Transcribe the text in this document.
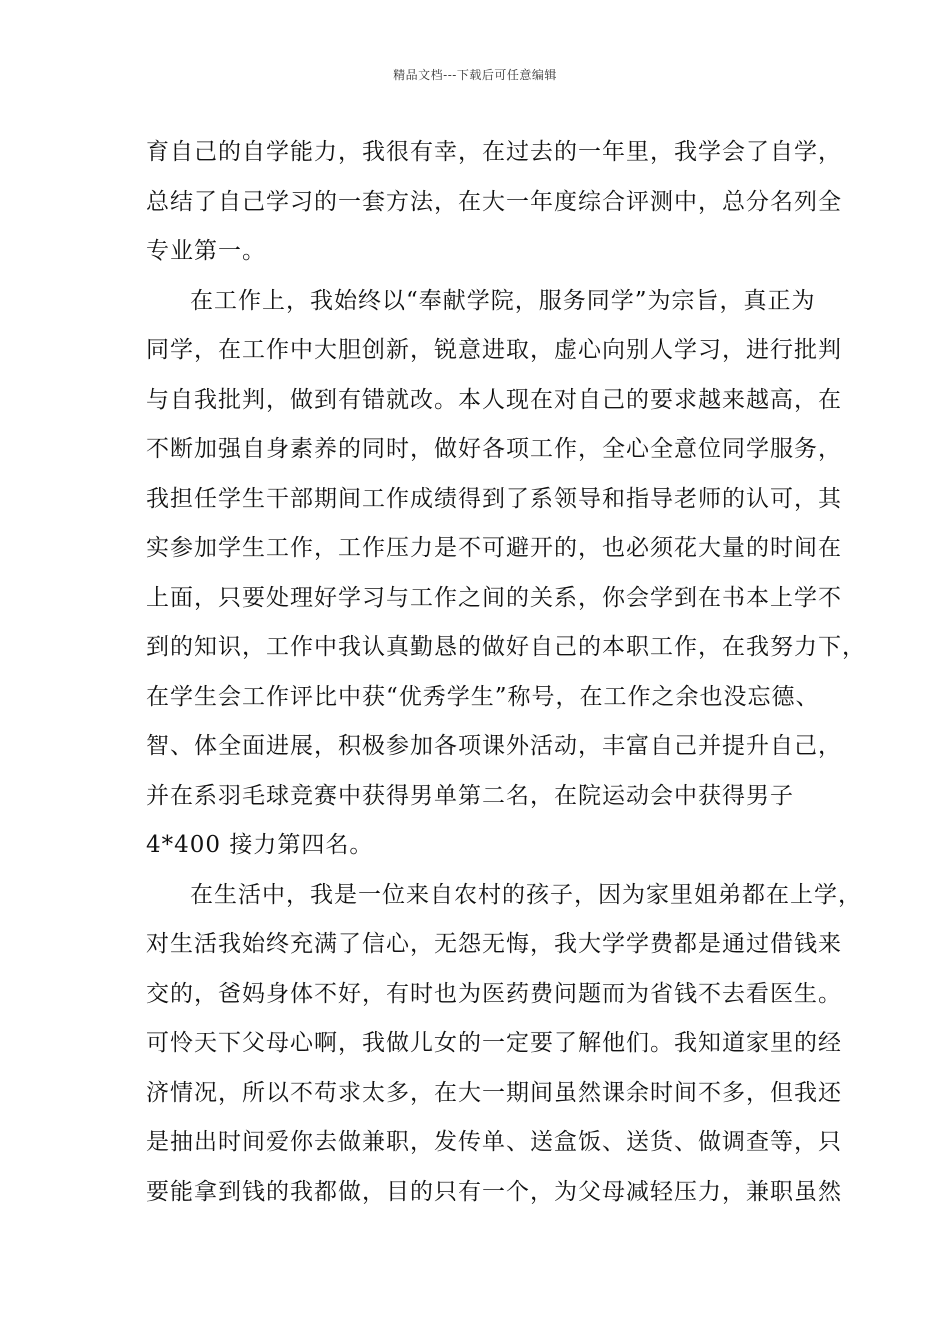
精品文档---下载后可任意编辑
育自己的自学能力，我很有幸，在过去的一年里，我学会了自学，
总结了自己学习的一套方法，在大一年度综合评测中，总分名列全
专业第一。
在工作上，我始终以“奉献学院，服务同学”为宗旨，真正为
同学，在工作中大胆创新，锐意进取，虚心向别人学习，进行批判
与自我批判，做到有错就改。本人现在对自己的要求越来越高，在
不断加强自身素养的同时，做好各项工作，全心全意位同学服务，
我担任学生干部期间工作成绩得到了系领导和指导老师的认可，其
实参加学生工作，工作压力是不可避开的，也必须花大量的时间在
上面，只要处理好学习与工作之间的关系，你会学到在书本上学不
到的知识，工作中我认真勤恳的做好自己的本职工作，在我努力下，
在学生会工作评比中获“优秀学生”称号，在工作之余也没忘德、
智、体全面进展，积极参加各项课外活动，丰富自己并提升自己，
并在系羽毛球竞赛中获得男单第二名，在院运动会中获得男子
4*400 接力第四名。
在生活中，我是一位来自农村的孩子，因为家里姐弟都在上学，
对生活我始终充满了信心，无怨无悔，我大学学费都是通过借钱来
交的，爸妈身体不好，有时也为医药费问题而为省钱不去看医生。
可怜天下父母心啊，我做儿女的一定要了解他们。我知道家里的经
济情况，所以不苟求太多，在大一期间虽然课余时间不多，但我还
是抽出时间爱你去做兼职，发传单、送盒饭、送货、做调查等，只
要能拿到钱的我都做，目的只有一个，为父母减轻压力，兼职虽然
